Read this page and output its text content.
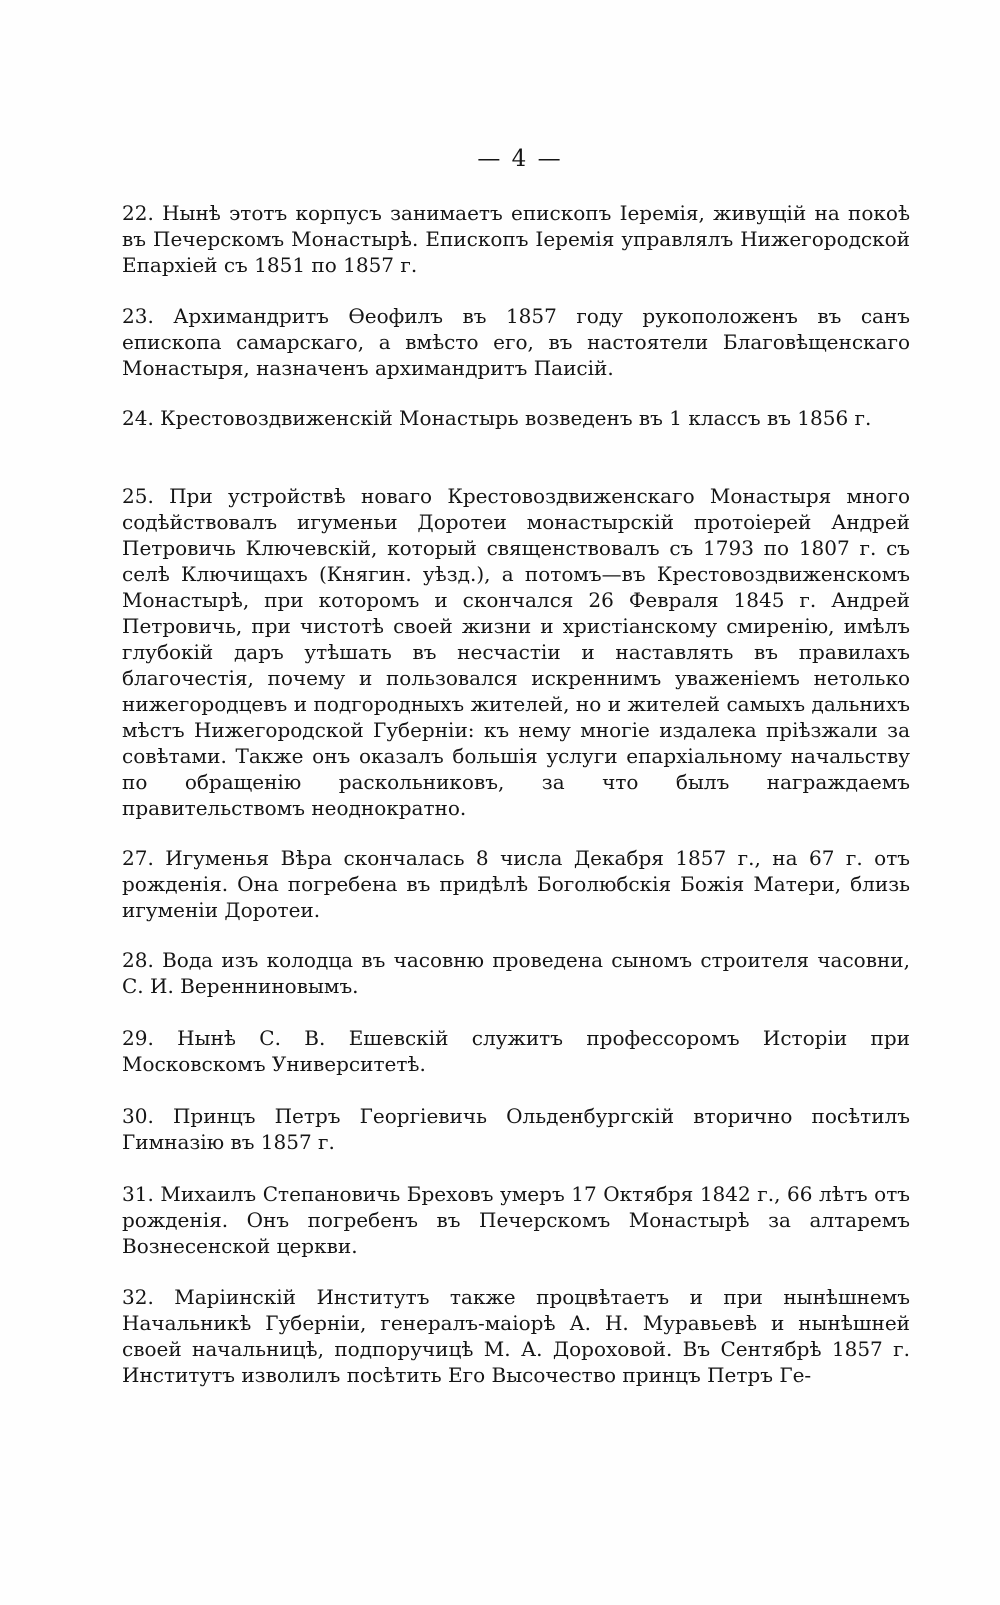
— 4 —

22. Нынѣ этотъ корпусъ занимаетъ епископъ Іеремія, живущій на покоѣ въ Печерскомъ Монастырѣ. Епископъ Іеремія управлялъ Нижегородской Епархіей съ 1851 по 1857 г.

23. Архимандритъ Ѳеофилъ въ 1857 году рукоположенъ въ санъ епископа самарскаго, а вмѣсто его, въ настоятели Благовѣщенскаго Монастыря, назначенъ архимандритъ Паисій.

24. Крестовоздвиженскій Монастырь возведенъ въ 1 классъ въ 1856 г.

25. При устройствѣ новаго Крестовоздвиженскаго Монастыря много содѣйствовалъ игуменьи Доротеи монастырскій протоіерей Андрей Петровичь Ключевскій, который священствовалъ съ 1793 по 1807 г. съ селѣ Ключищахъ (Княгин. уѣзд.), а потомъ—въ Крестовоздвиженскомъ Монастырѣ, при которомъ и скончался 26 Февраля 1845 г. Андрей Петровичь, при чистотѣ своей жизни и христіанскому смиренію, имѣлъ глубокій даръ утѣшать въ несчастіи и наставлять въ правилахъ благочестія, почему и пользовался искреннимъ уваженіемъ нетолько нижегородцевъ и подгородныхъ жителей, но и жителей самыхъ дальнихъ мѣстъ Нижегородской Губерніи: къ нему многіе издалека пріѣзжали за совѣтами. Также онъ оказалъ большія услуги епархіальному начальству по обращенію раскольниковъ, за что былъ награждаемъ правительствомъ неоднократно.

27. Игуменья Вѣра скончалась 8 числа Декабря 1857 г., на 67 г. отъ рожденія. Она погребена въ придѣлѣ Боголюбскія Божія Матери, близь игуменіи Доротеи.

28. Вода изъ колодца въ часовню проведена сыномъ строителя часовни, С. И. Веренниновымъ.

29. Нынѣ С. В. Ешевскій служитъ профессоромъ Исторіи при Московскомъ Университетѣ.

30. Принцъ Петръ Георгіевичь Ольденбургскій вторично посѣтилъ Гимназію въ 1857 г.

31. Михаилъ Степановичь Бреховъ умеръ 17 Октября 1842 г., 66 лѣтъ отъ рожденія. Онъ погребенъ въ Печерскомъ Монастырѣ за алтаремъ Вознесенской церкви.

32. Маріинскій Институтъ также процвѣтаетъ и при нынѣшнемъ Начальникѣ Губерніи, генералъ-маіорѣ А. Н. Муравьевѣ и нынѣшней своей начальницѣ, подпоручицѣ М. А. Дороховой. Въ Сентябрѣ 1857 г. Институтъ изволилъ посѣтить Его Высочество принцъ Петръ Ге-
